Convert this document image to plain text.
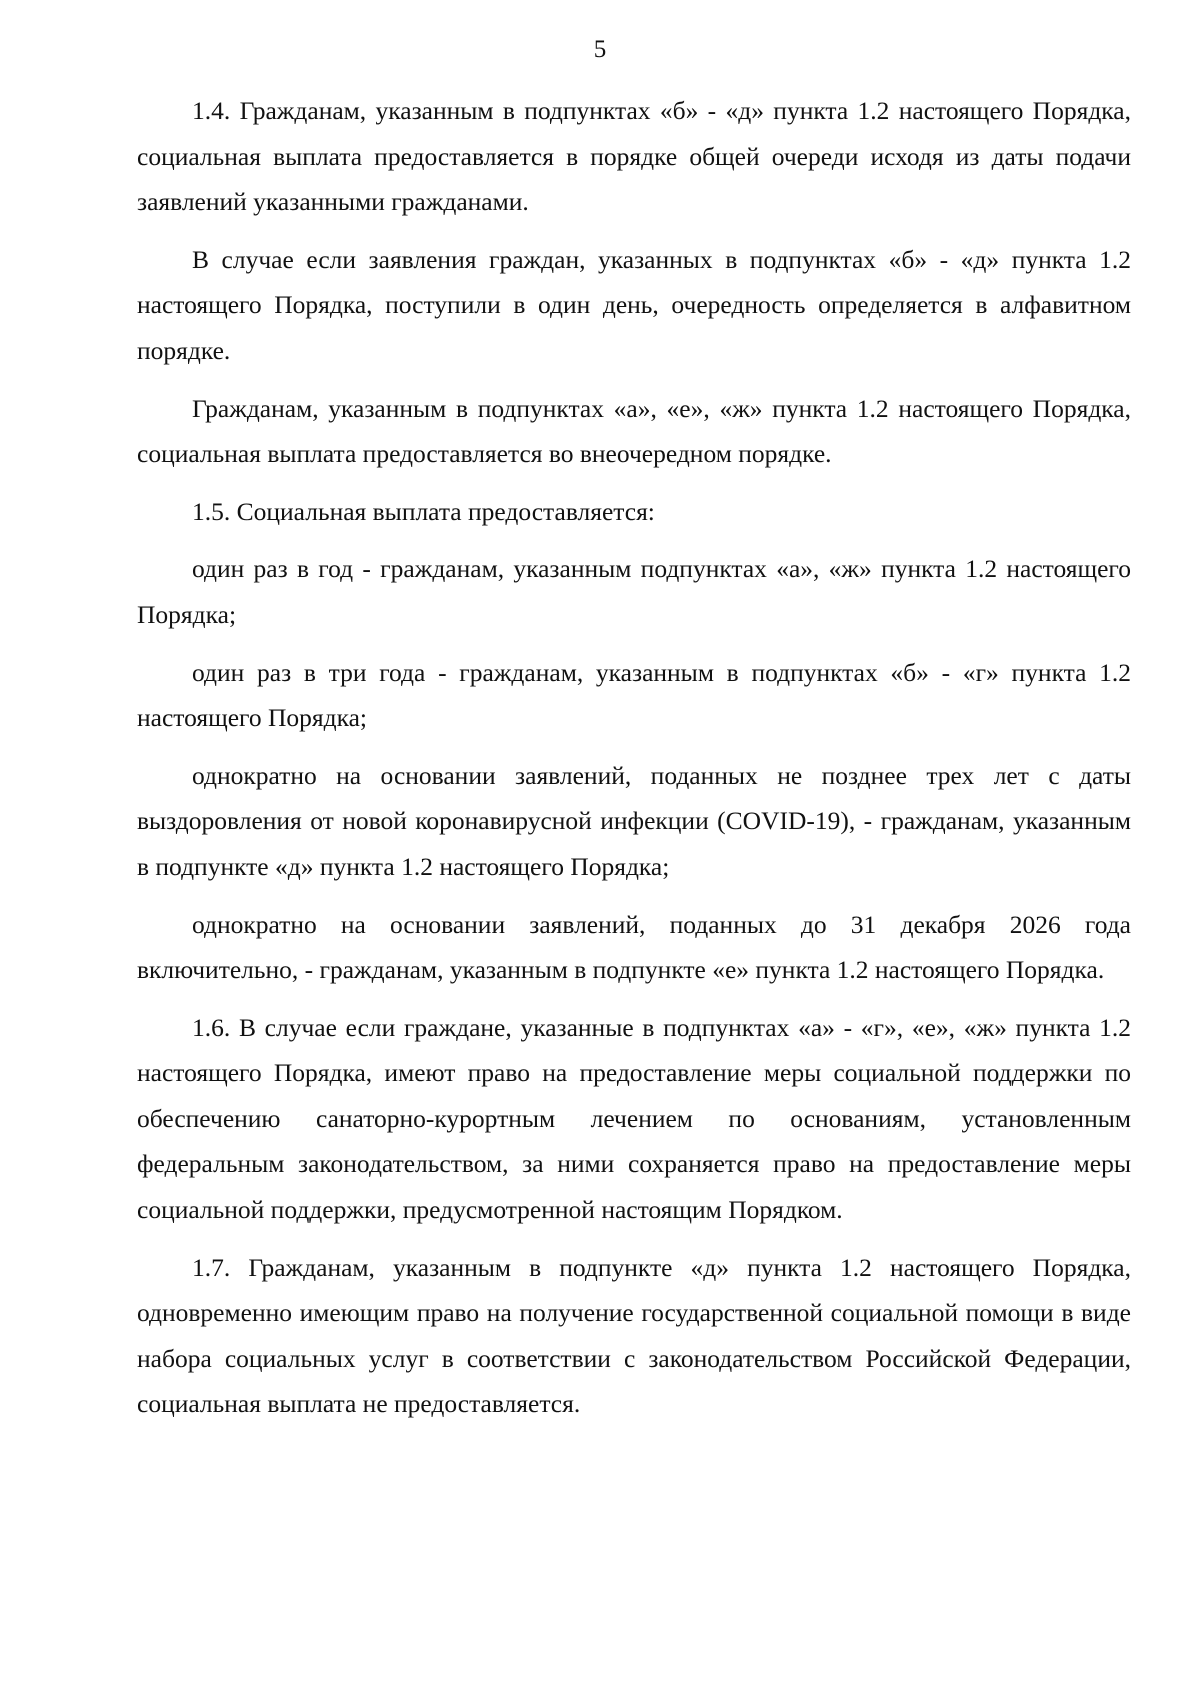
5

1.4. Гражданам, указанным в подпунктах «б» - «д» пункта 1.2 настоящего Порядка, социальная выплата предоставляется в порядке общей очереди исходя из даты подачи заявлений указанными гражданами.

В случае если заявления граждан, указанных в подпунктах «б» - «д» пункта 1.2 настоящего Порядка, поступили в один день, очередность определяется в алфавитном порядке.

Гражданам, указанным в подпунктах «а», «е», «ж» пункта 1.2 настоящего Порядка, социальная выплата предоставляется во внеочередном порядке.

1.5. Социальная выплата предоставляется:

один раз в год - гражданам, указанным подпунктах «а», «ж» пункта 1.2 настоящего Порядка;

один раз в три года - гражданам, указанным в подпунктах «б» - «г» пункта 1.2 настоящего Порядка;

однократно на основании заявлений, поданных не позднее трех лет с даты выздоровления от новой коронавирусной инфекции (COVID-19), - гражданам, указанным в подпункте «д» пункта 1.2 настоящего Порядка;

однократно на основании заявлений, поданных до 31 декабря 2026 года включительно, - гражданам, указанным в подпункте «е» пункта 1.2 настоящего Порядка.

1.6. В случае если граждане, указанные в подпунктах «а» - «г», «е», «ж» пункта 1.2 настоящего Порядка, имеют право на предоставление меры социальной поддержки по обеспечению санаторно-курортным лечением по основаниям, установленным федеральным законодательством, за ними сохраняется право на предоставление меры социальной поддержки, предусмотренной настоящим Порядком.

1.7. Гражданам, указанным в подпункте «д» пункта 1.2 настоящего Порядка, одновременно имеющим право на получение государственной социальной помощи в виде набора социальных услуг в соответствии с законодательством Российской Федерации, социальная выплата не предоставляется.
